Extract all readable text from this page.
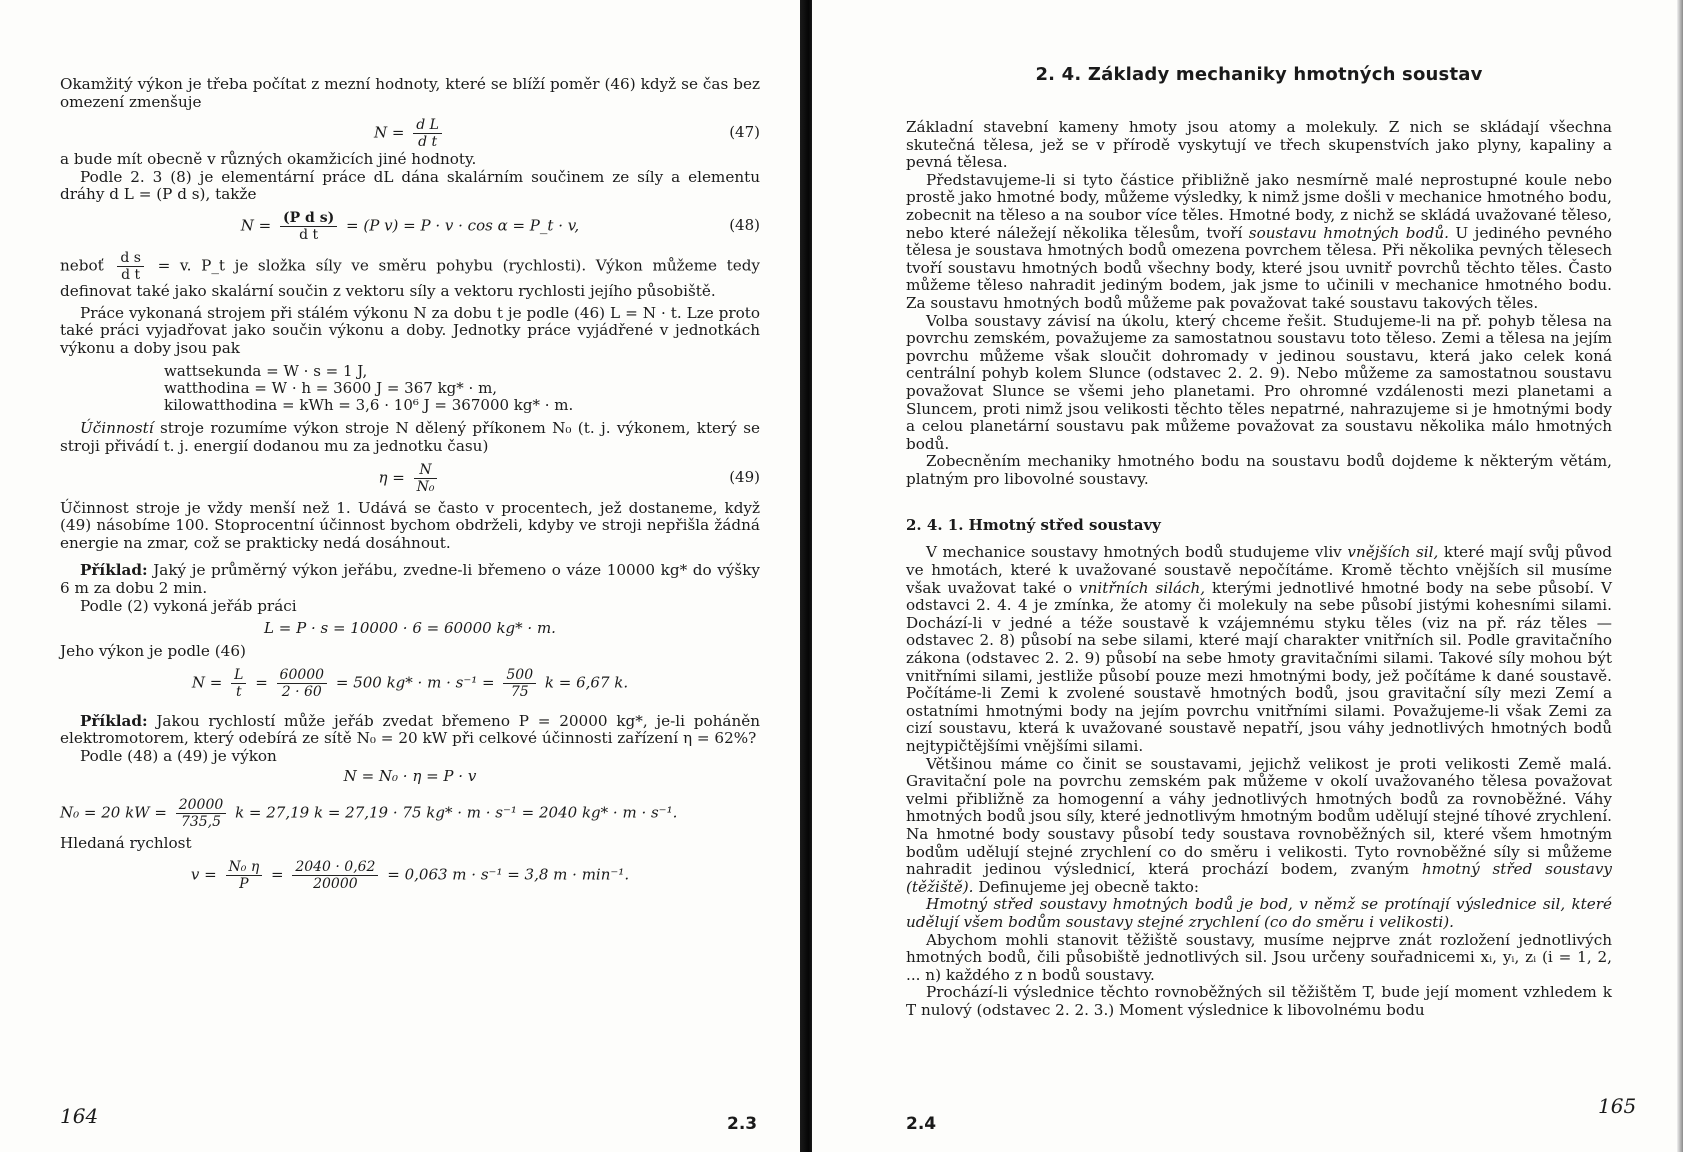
Okamžitý výkon je třeba počítat z mezní hodnoty, které se blíží poměr (46) když se čas bez omezení zmenšuje

$N = \frac{\text{d L}}{\text{d t}}$	(47)

a bude mít obecně v různých okamžicích jiné hodnoty.

Podle 2. 3 (8) je elementární práce dL dána skalárním součinem ze síly a elementu dráhy d L = (P d s), takže

$N = \frac{\text{(P d s)}}{\text{d t}} = (P$ v) = P · v · cos α = P_t · v,	(48)

neboť $\frac{\text{d s}}{\text{d t}} = v$. P_t je složka síly ve směru pohybu (rychlosti). Výkon můžeme tedy definovat také jako skalární součin z vektoru síly a vektoru rychlosti jejího působiště.

Práce vykonaná strojem při stálém výkonu N za dobu t je podle (46) L = N · t. Lze proto také práci vyjadřovat jako součin výkonu a doby. Jednotky práce vyjádřené v jednotkách výkonu a doby jsou pak

wattsekunda = W · s = 1 J,
watthodina = W · h = 3600 J = 367 kg* · m,
kilowatthodina = kWh = 3,6 · 10⁶ J = 367000 kg* · m.

Účinností stroje rozumíme výkon stroje N dělený příkonem N₀ (t. j. výkonem, který se stroji přivádí t. j. energií dodanou mu za jednotku času)

$\eta = \frac{N}{\text{N₀}}$	(49)

Účinnost stroje je vždy menší než 1. Udává se často v procentech, jež dostaneme, když (49) násobíme 100. Stoprocentní účinnost bychom obdrželi, kdyby ve stroji nepřišla žádná energie na zmar, což se prakticky nedá dosáhnout.

Příklad: Jaký je průměrný výkon jeřábu, zvedne-li břemeno o váze 10000 kg* do výšky 6 m za dobu 2 min.

Podle (2) vykoná jeřáb práci

L = P · s = 10000 · 6 = 60000 kg* · m.

Jeho výkon je podle (46)

$N = \frac{L}{t} = \frac{60000}{2 \cdot 60} = 500$ $kg* \cdot m \cdot s^{-1} = \frac{500}{75}$ k = 6,67 k.

Příklad: Jakou rychlostí může jeřáb zvedat břemeno P = 20000 kg*, je-li poháněn elektromotorem, který odebírá ze sítě N₀ = 20 kW při celkové účinnosti zařízení η = 62%?

Podle (48) a (49) je výkon

N = N₀ · η = P · v
N₀ = 20 kW = $\frac{20000}{735,5}$ k = 27,19 k = 27,19 · 75 kg* · m · s⁻¹ = 2040 kg* · m · s⁻¹.

Hledaná rychlost

$v = \frac{\text{N₀ η}}{P} = \frac{2040 \cdot 0,62}{20000} = 0,063$ m · s⁻¹ = 3,8 m · min⁻¹.
164	2.3
2. 4. Základy mechaniky hmotných soustav

Základní stavební kameny hmoty jsou atomy a molekuly. Z nich se skládají všechna skutečná tělesa, jež se v přírodě vyskytují ve třech skupenstvích jako plyny, kapaliny a pevná tělesa.

Představujeme-li si tyto částice přibližně jako nesmírně malé neprostupné koule nebo prostě jako hmotné body, můžeme výsledky, k nimž jsme došli v mechanice hmotného bodu, zobecnit na těleso a na soubor více těles. Hmotné body, z nichž se skládá uvažované těleso, nebo které náležejí několika tělesům, tvoří soustavu hmotných bodů. U jediného pevného tělesa je soustava hmotných bodů omezena povrchem tělesa. Při několika pevných tělesech tvoří soustavu hmotných bodů všechny body, které jsou uvnitř povrchů těchto těles. Často můžeme těleso nahradit jediným bodem, jak jsme to učinili v mechanice hmotného bodu. Za soustavu hmotných bodů můžeme pak považovat také soustavu takových těles.

Volba soustavy závisí na úkolu, který chceme řešit. Studujeme-li na př. pohyb tělesa na povrchu zemském, považujeme za samostatnou soustavu toto těleso. Zemi a tělesa na jejím povrchu můžeme však sloučit dohromady v jedinou soustavu, která jako celek koná centrální pohyb kolem Slunce (odstavec 2. 2. 9). Nebo můžeme za samostatnou soustavu považovat Slunce se všemi jeho planetami. Pro ohromné vzdálenosti mezi planetami a Sluncem, proti nimž jsou velikosti těchto těles nepatrné, nahrazujeme si je hmotnými body a celou planetární soustavu pak můžeme považovat za soustavu několika málo hmotných bodů.

Zobecněním mechaniky hmotného bodu na soustavu bodů dojdeme k některým větám, platným pro libovolné soustavy.

2. 4. 1. Hmotný střed soustavy

V mechanice soustavy hmotných bodů studujeme vliv vnějších sil, které mají svůj původ ve hmotách, které k uvažované soustavě nepočítáme. Kromě těchto vnějších sil musíme však uvažovat také o vnitřních silách, kterými jednotlivé hmotné body na sebe působí. V odstavci 2. 4. 4 je zmínka, že atomy či molekuly na sebe působí jistými kohesními silami. Dochází-li v jedné a téže soustavě k vzájemnému styku těles (viz na př. ráz těles — odstavec 2. 8) působí na sebe silami, které mají charakter vnitřních sil. Podle gravitačního zákona (odstavec 2. 2. 9) působí na sebe hmoty gravitačními silami. Takové síly mohou být vnitřními silami, jestliže působí pouze mezi hmotnými body, jež počítáme k dané soustavě. Počítáme-li Zemi k zvolené soustavě hmotných bodů, jsou gravitační síly mezi Zemí a ostatními hmotnými body na jejím povrchu vnitřními silami. Považujeme-li však Zemi za cizí soustavu, která k uvažované soustavě nepatří, jsou váhy jednotlivých hmotných bodů nejtypičtějšími vnějšími silami.

Většinou máme co činit se soustavami, jejichž velikost je proti velikosti Země malá. Gravitační pole na povrchu zemském pak můžeme v okolí uvažovaného tělesa považovat velmi přibližně za homogenní a váhy jednotlivých hmotných bodů za rovnoběžné. Váhy hmotných bodů jsou síly, které jednotlivým hmotným bodům udělují stejné tíhové zrychlení. Na hmotné body soustavy působí tedy soustava rovnoběžných sil, které všem hmotným bodům udělují stejné zrychlení co do směru i velikosti. Tyto rovnoběžné síly si můžeme nahradit jedinou výslednicí, která prochází bodem, zvaným hmotný střed soustavy (těžiště). Definujeme jej obecně takto:

Hmotný střed soustavy hmotných bodů je bod, v němž se protínají výslednice sil, které udělují všem bodům soustavy stejné zrychlení (co do směru i velikosti).

Abychom mohli stanovit těžiště soustavy, musíme nejprve znát rozložení jednotlivých hmotných bodů, čili působiště jednotlivých sil. Jsou určeny souřadnicemi xᵢ, yᵢ, zᵢ (i = 1, 2, ... n) každého z n bodů soustavy.

Prochází-li výslednice těchto rovnoběžných sil těžištěm T, bude její moment vzhledem k T nulový (odstavec 2. 2. 3.) Moment výslednice k libovolnému bodu

2.4
165
